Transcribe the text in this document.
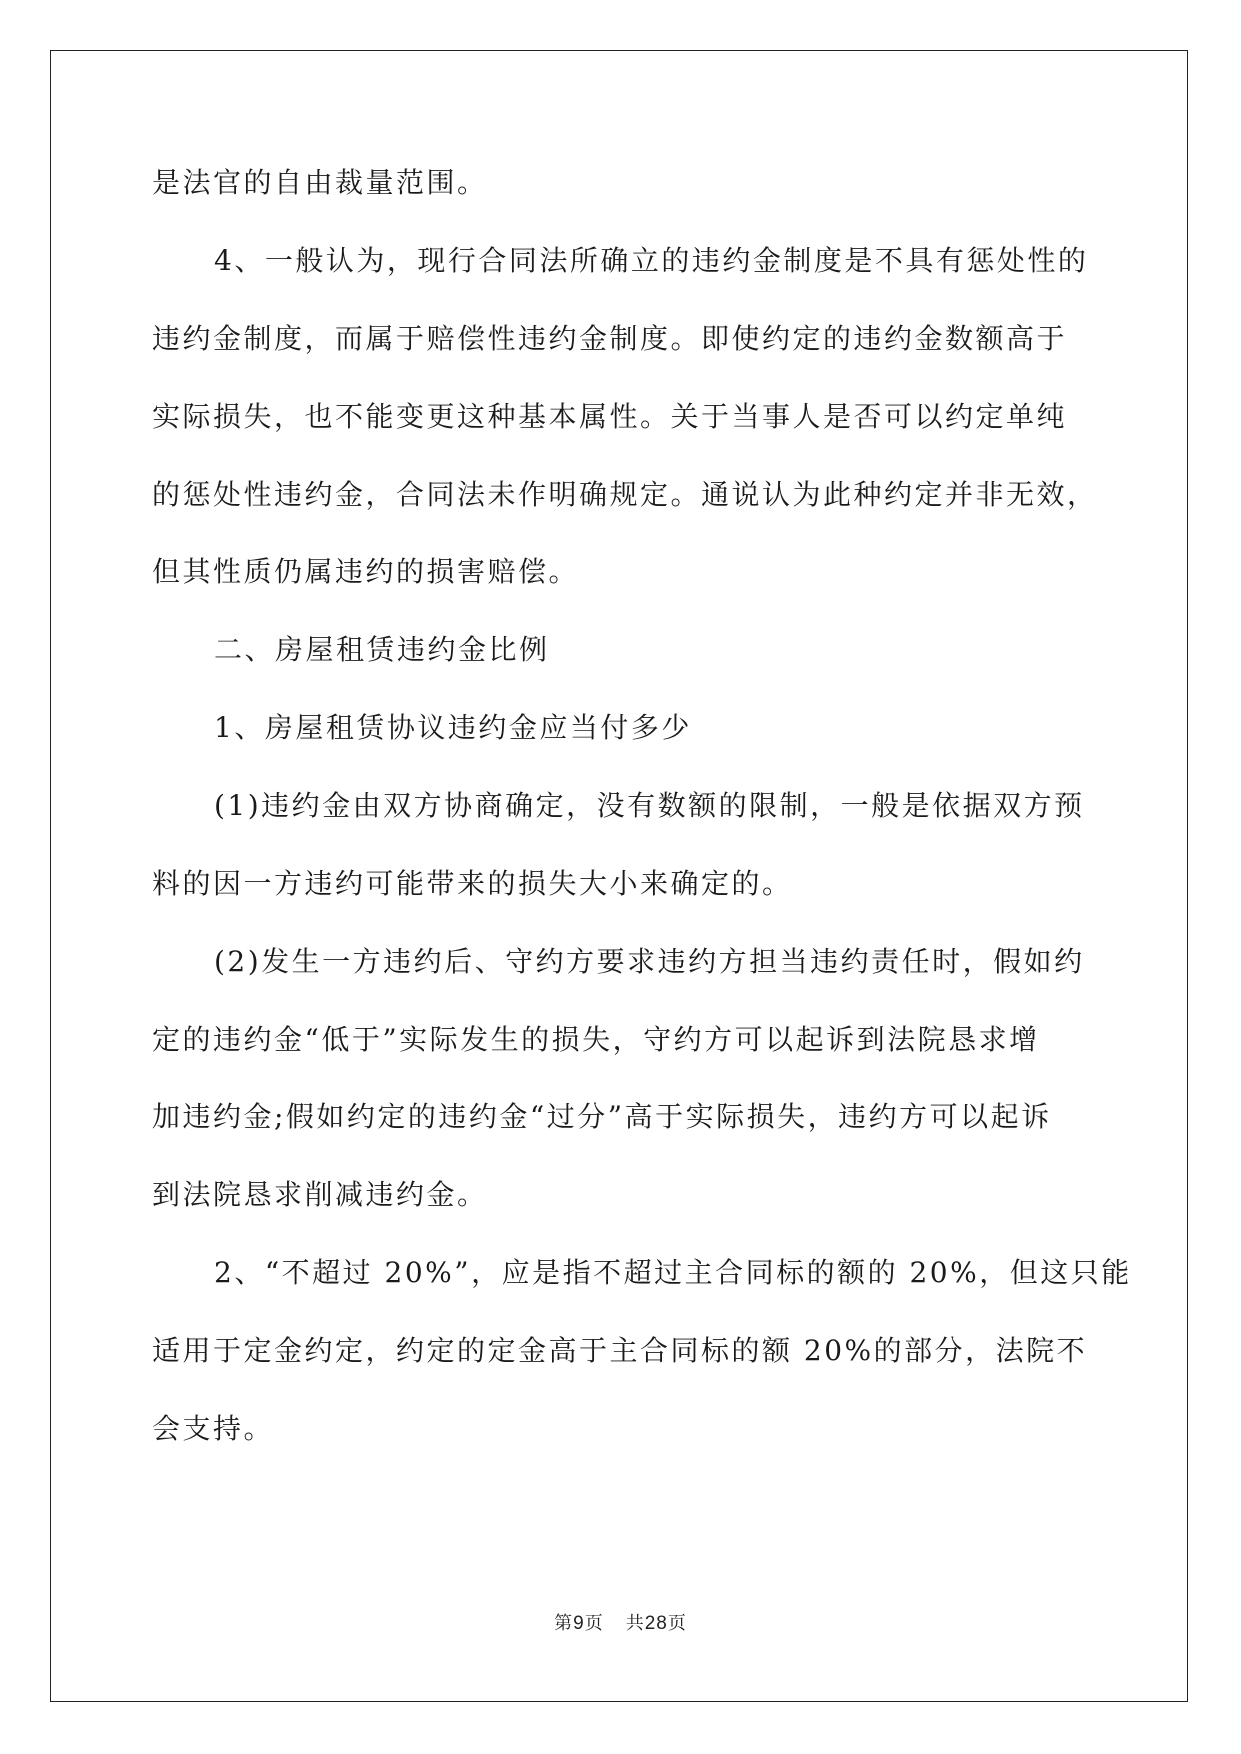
是法官的自由裁量范围。
4、一般认为，现行合同法所确立的违约金制度是不具有惩处性的
违约金制度，而属于赔偿性违约金制度。即使约定的违约金数额高于
实际损失，也不能变更这种基本属性。关于当事人是否可以约定单纯
的惩处性违约金，合同法未作明确规定。通说认为此种约定并非无效，
但其性质仍属违约的损害赔偿。
二、房屋租赁违约金比例
1、房屋租赁协议违约金应当付多少
(1)违约金由双方协商确定，没有数额的限制，一般是依据双方预
料的因一方违约可能带来的损失大小来确定的。
(2)发生一方违约后、守约方要求违约方担当违约责任时，假如约
定的违约金“低于”实际发生的损失，守约方可以起诉到法院恳求增
加违约金;假如约定的违约金“过分”高于实际损失，违约方可以起诉
到法院恳求削减违约金。
2、“不超过 20%”，应是指不超过主合同标的额的 20%，但这只能
适用于定金约定，约定的定金高于主合同标的额 20%的部分，法院不
会支持。
第9页 共28页
